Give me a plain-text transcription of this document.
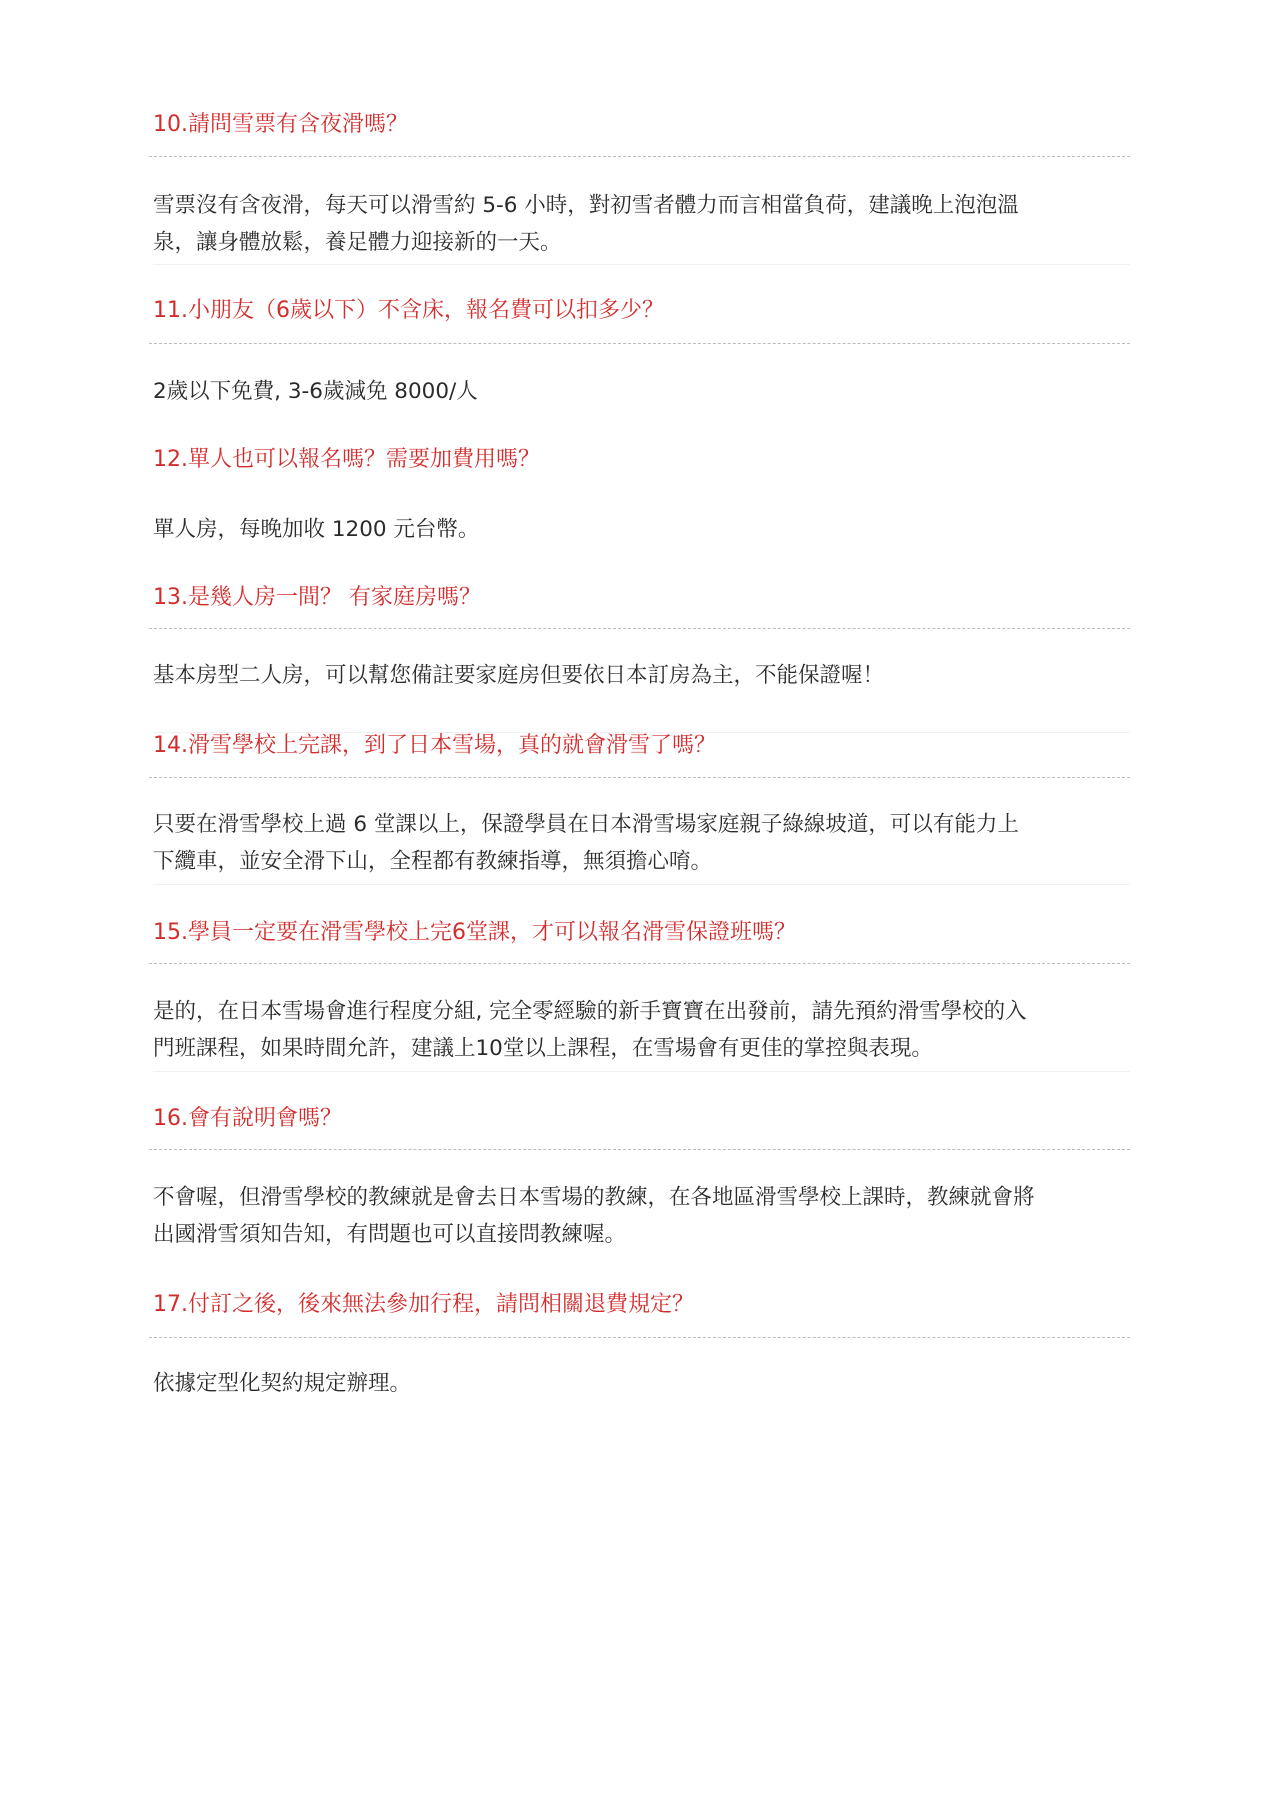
10.請問雪票有含夜滑嗎？
雪票沒有含夜滑，每天可以滑雪約 5-6 小時，對初雪者體力而言相當負荷，建議晚上泡泡溫
泉，讓身體放鬆，養足體力迎接新的一天。
11.小朋友（6歲以下）不含床，報名費可以扣多少？
2歲以下免費, 3-6歲減免 8000/人
12.單人也可以報名嗎？需要加費用嗎？
單人房，每晚加收 1200 元台幣。
13.是幾人房一間？ 有家庭房嗎？
基本房型二人房，可以幫您備註要家庭房但要依日本訂房為主，不能保證喔！
14.滑雪學校上完課，到了日本雪場，真的就會滑雪了嗎？
只要在滑雪學校上過 6 堂課以上，保證學員在日本滑雪場家庭親子綠線坡道，可以有能力上
下纜車，並安全滑下山，全程都有教練指導，無須擔心唷。
15.學員一定要在滑雪學校上完6堂課，才可以報名滑雪保證班嗎？
是的，在日本雪場會進行程度分組, 完全零經驗的新手寶寶在出發前，請先預約滑雪學校的入
門班課程，如果時間允許，建議上10堂以上課程，在雪場會有更佳的掌控與表現。
16.會有說明會嗎？
不會喔，但滑雪學校的教練就是會去日本雪場的教練，在各地區滑雪學校上課時，教練就會將
出國滑雪須知告知，有問題也可以直接問教練喔。
17.付訂之後，後來無法參加行程，請問相關退費規定？
依據定型化契約規定辦理。
